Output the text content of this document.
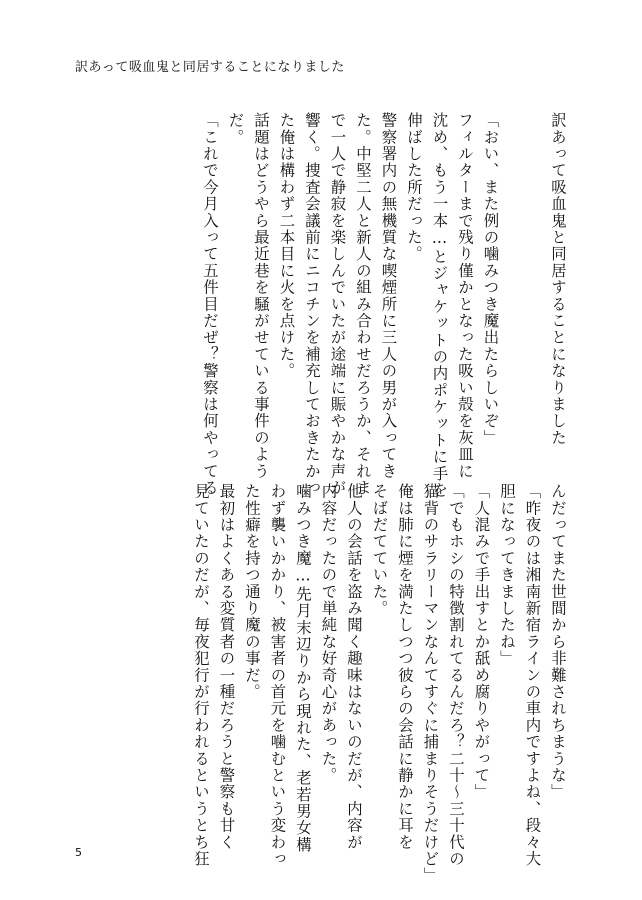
訳あって吸血鬼と同居することになりました

訳あって吸血鬼と同居することになりました

「おい、また例の噛みつき魔出たらしいぞ」

フィルターまで残り僅かとなった吸い殻を灰皿に

沈め、もう一本…とジャケットの内ポケットに手を

伸ばした所だった。

警察署内の無機質な喫煙所に三人の男が入ってき

た。中堅二人と新人の組み合わせだろうか、それま

で一人で静寂を楽しんでいたが途端に賑やかな声が

響く。捜査会議前にニコチンを補充しておきたかっ

た俺は構わず二本目に火を点けた。

話題はどうやら最近巷を騒がせている事件のよう

だ。

「これで今月入って五件目だぜ？警察は何やってる

んだってまた世間から非難されちまうな」

「昨夜のは湘南新宿ラインの車内ですよね、段々大

胆になってきましたね」

「人混みで手出すとか舐め腐りやがって」

「でもホシの特徴割れてるんだろ？二十〜三十代の

猫背のサラリーマンなんてすぐに捕まりそうだけど」

俺は肺に煙を満たしつつ彼らの会話に静かに耳を

そばだてていた。

他人の会話を盗み聞く趣味はないのだが、内容が

内容だったので単純な好奇心があった。

噛みつき魔…先月末辺りから現れた、老若男女構

わず襲いかかり、被害者の首元を噛むという変わっ

た性癖を持つ通り魔の事だ。

最初はよくある変質者の一種だろうと警察も甘く

見ていたのだが、毎夜犯行が行われるというとち狂

5
